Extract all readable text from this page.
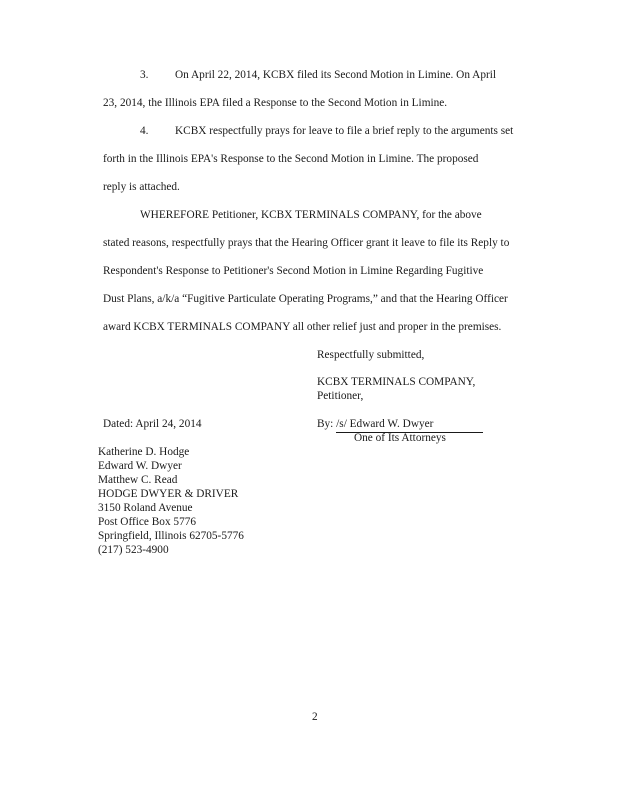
3. On April 22, 2014, KCBX filed its Second Motion in Limine. On April
23, 2014, the Illinois EPA filed a Response to the Second Motion in Limine.
4. KCBX respectfully prays for leave to file a brief reply to the arguments set
forth in the Illinois EPA's Response to the Second Motion in Limine. The proposed
reply is attached.
WHEREFORE Petitioner, KCBX TERMINALS COMPANY, for the above
stated reasons, respectfully prays that the Hearing Officer grant it leave to file its Reply to
Respondent's Response to Petitioner's Second Motion in Limine Regarding Fugitive
Dust Plans, a/k/a “Fugitive Particulate Operating Programs,” and that the Hearing Officer
award KCBX TERMINALS COMPANY all other relief just and proper in the premises.
Respectfully submitted,
KCBX TERMINALS COMPANY,
Petitioner,
Dated: April 24, 2014	By: /s/ Edward W. Dwyer
One of Its Attorneys
Katherine D. Hodge
Edward W. Dwyer
Matthew C. Read
HODGE DWYER & DRIVER
3150 Roland Avenue
Post Office Box 5776
Springfield, Illinois 62705-5776
(217) 523-4900
2
